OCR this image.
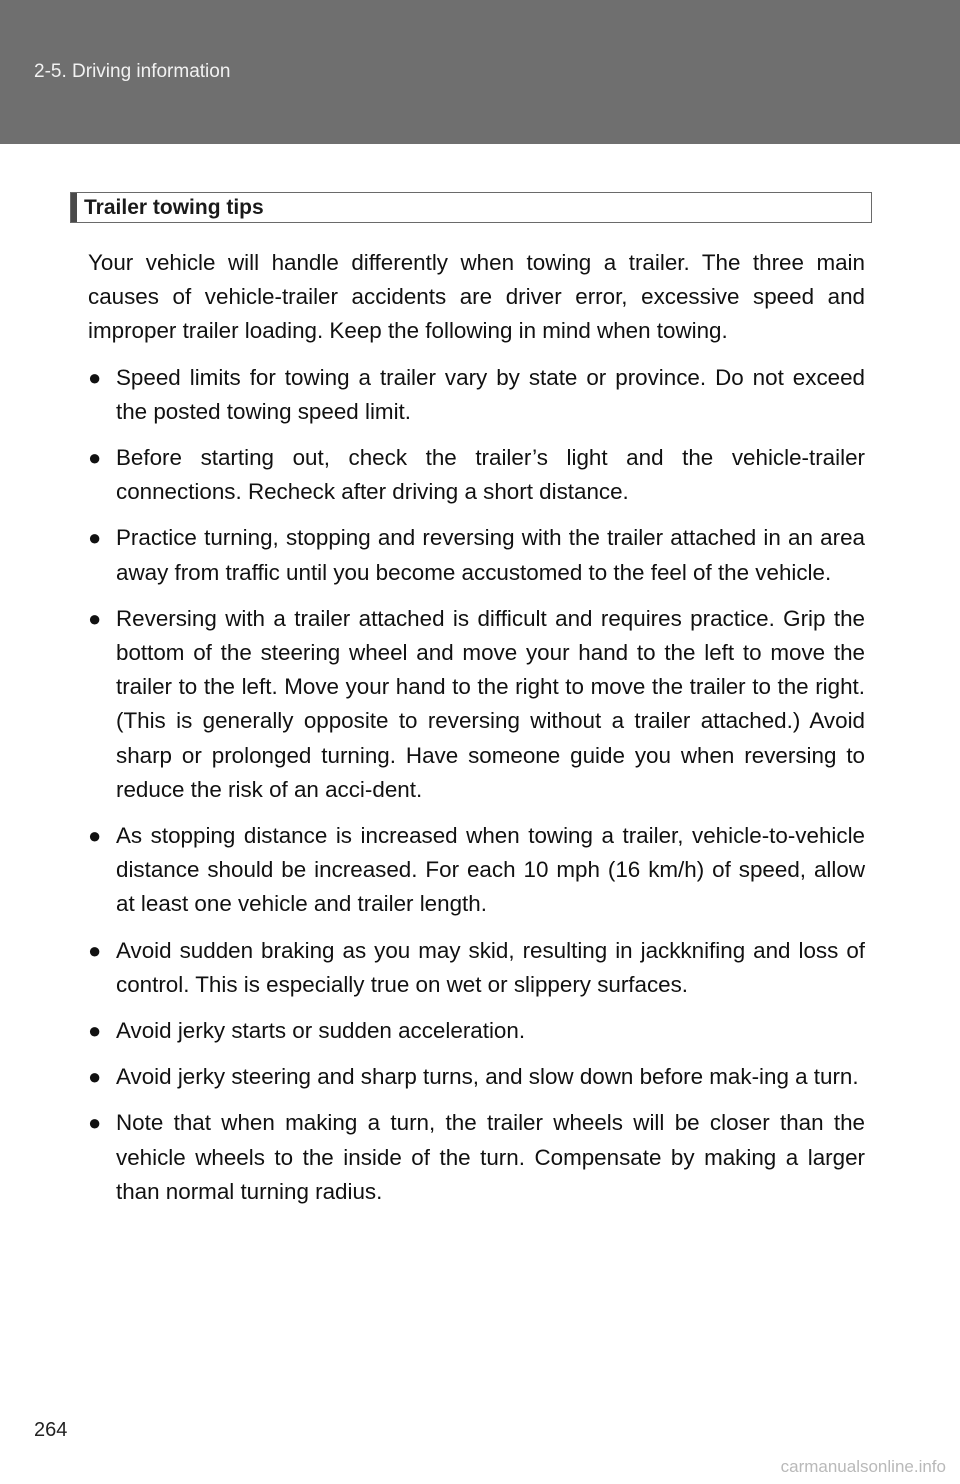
2-5. Driving information
Trailer towing tips

Your vehicle will handle differently when towing a trailer. The three main causes of vehicle-trailer accidents are driver error, excessive speed and improper trailer loading. Keep the following in mind when towing.

● Speed limits for towing a trailer vary by state or province. Do not exceed the posted towing speed limit.
● Before starting out, check the trailer’s light and the vehicle-trailer connections. Recheck after driving a short distance.
● Practice turning, stopping and reversing with the trailer attached in an area away from traffic until you become accustomed to the feel of the vehicle.
● Reversing with a trailer attached is difficult and requires practice. Grip the bottom of the steering wheel and move your hand to the left to move the trailer to the left. Move your hand to the right to move the trailer to the right. (This is generally opposite to reversing without a trailer attached.) Avoid sharp or prolonged turning. Have someone guide you when reversing to reduce the risk of an acci-dent.
● As stopping distance is increased when towing a trailer, vehicle-to-vehicle distance should be increased. For each 10 mph (16 km/h) of speed, allow at least one vehicle and trailer length.
● Avoid sudden braking as you may skid, resulting in jackknifing and loss of control. This is especially true on wet or slippery surfaces.
● Avoid jerky starts or sudden acceleration.
● Avoid jerky steering and sharp turns, and slow down before mak-ing a turn.
● Note that when making a turn, the trailer wheels will be closer than the vehicle wheels to the inside of the turn. Compensate by making a larger than normal turning radius.
264
carmanualsonline.info
